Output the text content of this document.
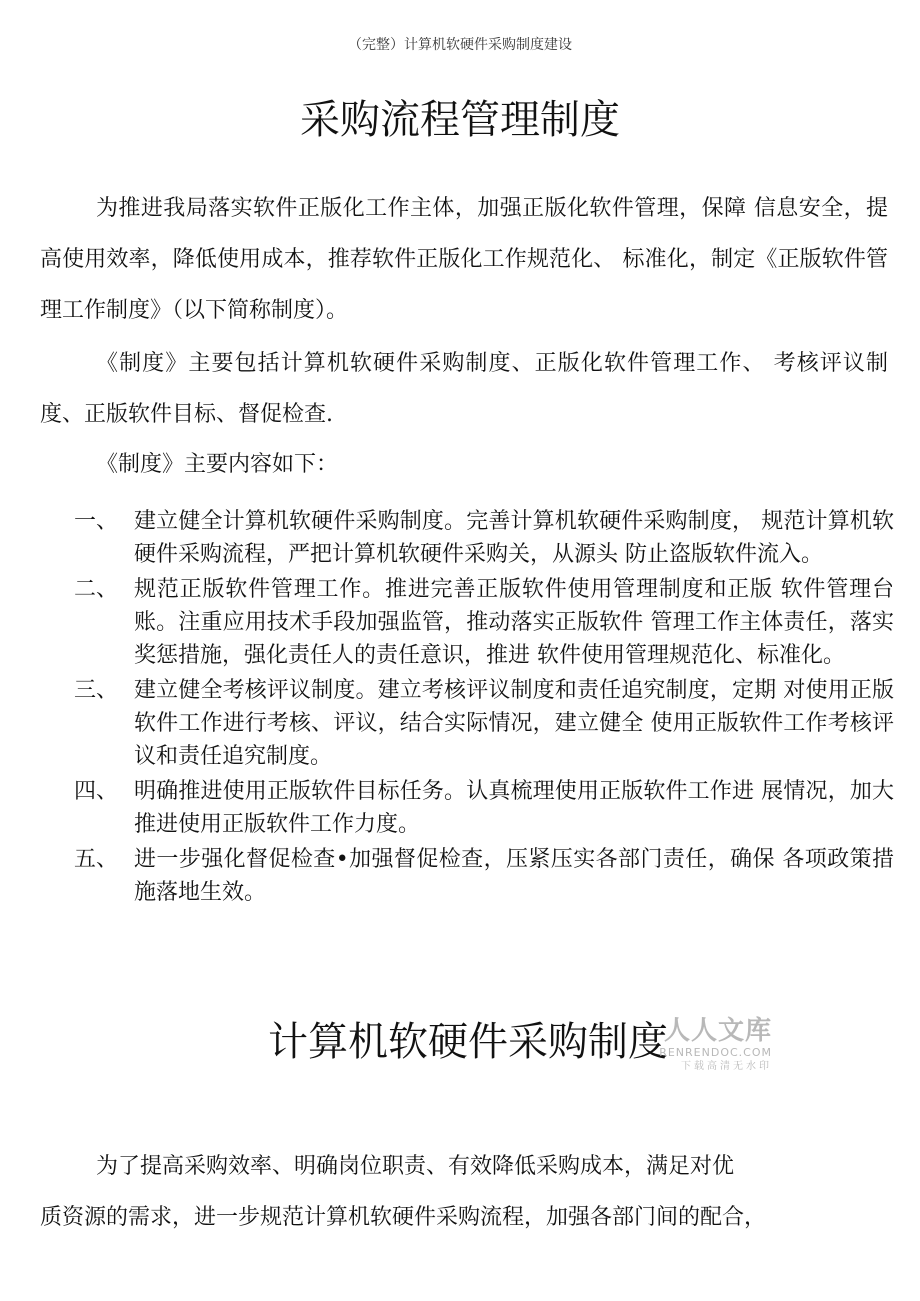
（完整）计算机软硬件采购制度建设
采购流程管理制度

为推进我局落实软件正版化工作主体，加强正版化软件管理，保障 信息安全，提高使用效率，降低使用成本，推荐软件正版化工作规范化、 标准化，制定《正版软件管理工作制度》（以下简称制度）。

《制度》主要包括计算机软硬件采购制度、正版化软件管理工作、 考核评议制度、正版软件目标、督促检查.

《制度》主要内容如下：

一、 建立健全计算机软硬件采购制度。完善计算机软硬件采购制度， 规范计算机软硬件采购流程，严把计算机软硬件采购关，从源头 防止盗版软件流入。
二、 规范正版软件管理工作。推进完善正版软件使用管理制度和正版 软件管理台账。注重应用技术手段加强监管，推动落实正版软件 管理工作主体责任，落实奖惩措施，强化责任人的责任意识，推进 软件使用管理规范化、标准化。
三、 建立健全考核评议制度。建立考核评议制度和责任追究制度，定期 对使用正版软件工作进行考核、评议，结合实际情况，建立健全 使用正版软件工作考核评议和责任追究制度。
四、 明确推进使用正版软件目标任务。认真梳理使用正版软件工作进 展情况，加大推进使用正版软件工作力度。
五、 进一步强化督促检查•加强督促检查，压紧压实各部门责任，确保 各项政策措施落地生效。
计算机软硬件采购制度
人人文库
RENRENDOC.COM
下载高清无水印

为了提高采购效率、明确岗位职责、有效降低采购成本，满足对优

质资源的需求，进一步规范计算机软硬件采购流程，加强各部门间的配合，
